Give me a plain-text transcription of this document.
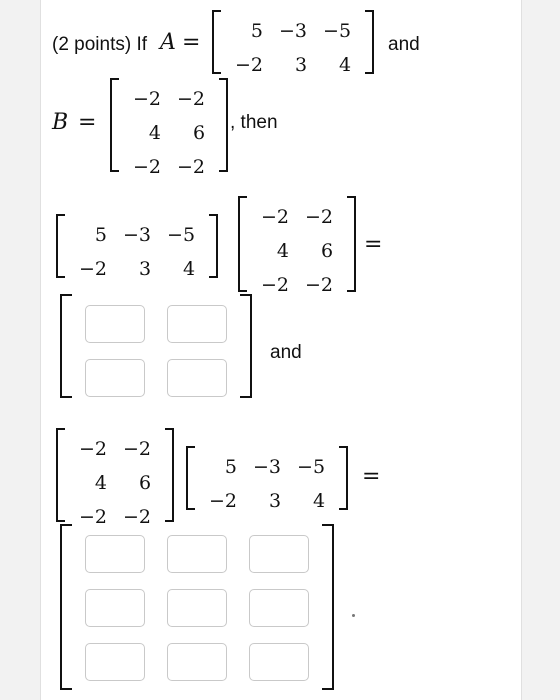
(2 points) If A =	5 −3 −5
−2	3	4
and
B =
−2 −2
4	6
−2 −2
, then
5 −3 −5
−2	3	4
−2 −2
4	6
−2 −2
=
and
−2 −2
4	6
−2 −2
5 −3 −5
−2	3	4
=
